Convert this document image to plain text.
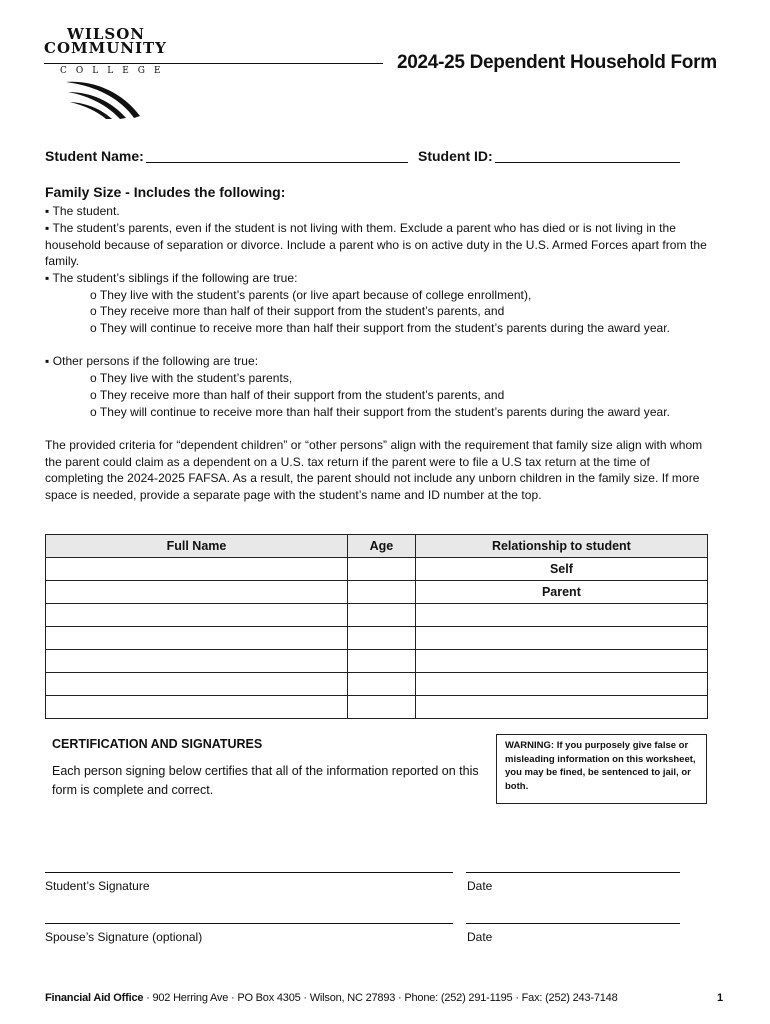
WILSON
COMMUNITY
COLLEGE	2024-25 Dependent Household Form
Student Name:	Student ID:
Family Size - Includes the following:
▪ The student.
▪ The student’s parents, even if the student is not living with them. Exclude a parent who has died or is not living in the household because of separation or divorce. Include a parent who is on active duty in the U.S. Armed Forces apart from the family.
▪ The student’s siblings if the following are true:
o They live with the student’s parents (or live apart because of college enrollment),
o They receive more than half of their support from the student’s parents, and
o They will continue to receive more than half their support from the student’s parents during the award year.
▪ Other persons if the following are true:
o They live with the student’s parents,
o They receive more than half of their support from the student’s parents, and
o They will continue to receive more than half their support from the student’s parents during the award year.
The provided criteria for “dependent children” or “other persons” align with the requirement that family size align with whom the parent could claim as a dependent on a U.S. tax return if the parent were to file a U.S tax return at the time of completing the 2024-2025 FAFSA. As a result, the parent should not include any unborn children in the family size. If more space is needed, provide a separate page with the student’s name and ID number at the top.
Full Name	Age	Relationship to student
		Self
		Parent

CERTIFICATION AND SIGNATURES
Each person signing below certifies that all of the information reported on this form is complete and correct.
WARNING: If you purposely give false or misleading information on this worksheet, you may be fined, be sentenced to jail, or both.
Student’s Signature	Date
Spouse’s Signature (optional)	Date
Financial Aid Office · 902 Herring Ave · PO Box 4305 · Wilson, NC 27893 · Phone: (252) 291-1195 · Fax: (252) 243-7148	1
